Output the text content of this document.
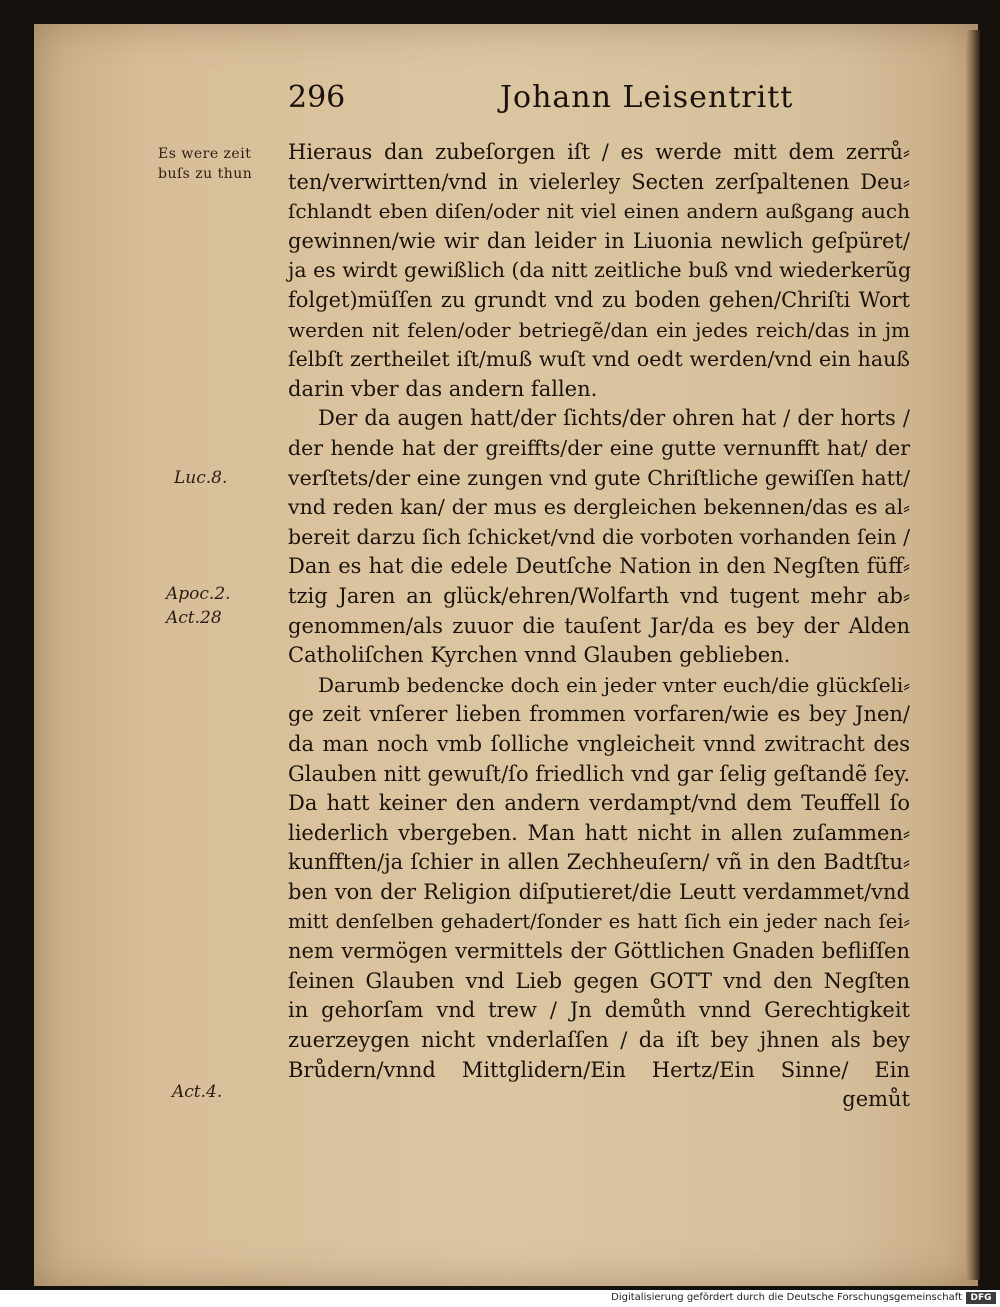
296	Johann Leisentritt
Es were zeit
buſs zu thun
Luc.8.
Apoc.2.
Act.28
Act.4.
Hieraus dan zubeſorgen iſt / es werde mitt dem zerrů⸗
ten/verwirtten/vnd in vielerley Secten zerſpaltenen Deu⸗
ſchlandt eben diſen/oder nit viel einen andern außgang auch
gewinnen/wie wir dan leider in Liuonia newlich geſpüret/
ja es wirdt gewißlich (da nitt zeitliche buß vnd wiederkerũg
folget)müſſen zu grundt vnd zu boden gehen/Chriſti Wort
werden nit felen/oder betriegẽ/dan ein jedes reich/das in jm
ſelbſt zertheilet iſt/muß wuſt vnd oedt werden/vnd ein hauß
darin vber das andern fallen.
Der da augen hatt/der ſichts/der ohren hat / der horts /
der hende hat der greiffts/der eine gutte vernunfft hat/ der
verſtets/der eine zungen vnd gute Chriſtliche gewiſſen hatt/
vnd reden kan/ der mus es dergleichen bekennen/das es al⸗
bereit darzu ſich ſchicket/vnd die vorboten vorhanden ſein /
Dan es hat die edele Deutſche Nation in den Negſten füff⸗
tzig Jaren an glück/ehren/Wolfarth vnd tugent mehr ab⸗
genommen/als zuuor die tauſent Jar/da es bey der Alden
Catholiſchen Kyrchen vnnd Glauben geblieben.
Darumb bedencke doch ein jeder vnter euch/die glückſeli⸗
ge zeit vnſerer lieben frommen vorfaren/wie es bey Jnen/
da man noch vmb ſolliche vngleicheit vnnd zwitracht des
Glauben nitt gewuſt/ſo friedlich vnd gar ſelig geſtandẽ ſey.
Da hatt keiner den andern verdampt/vnd dem Teuffell ſo
liederlich vbergeben. Man hatt nicht in allen zuſammen⸗
kunfften/ja ſchier in allen Zechheuſern/ vñ in den Badtſtu⸗
ben von der Religion diſputieret/die Leutt verdammet/vnd
mitt denſelben gehadert/ſonder es hatt ſich ein jeder nach ſei⸗
nem vermögen vermittels der Göttlichen Gnaden befliſſen
ſeinen Glauben vnd Lieb gegen GOTT vnd den Negſten
in gehorſam vnd trew / Jn demůth vnnd Gerechtigkeit
zuerzeygen nicht vnderlaſſen / da iſt bey jhnen als bey
Brůdern/vnnd Mittglidern/Ein Hertz/Ein Sinne/ Ein
gemůt
Digitalisierung gefördert durch die Deutsche Forschungsgemeinschaft DFG
